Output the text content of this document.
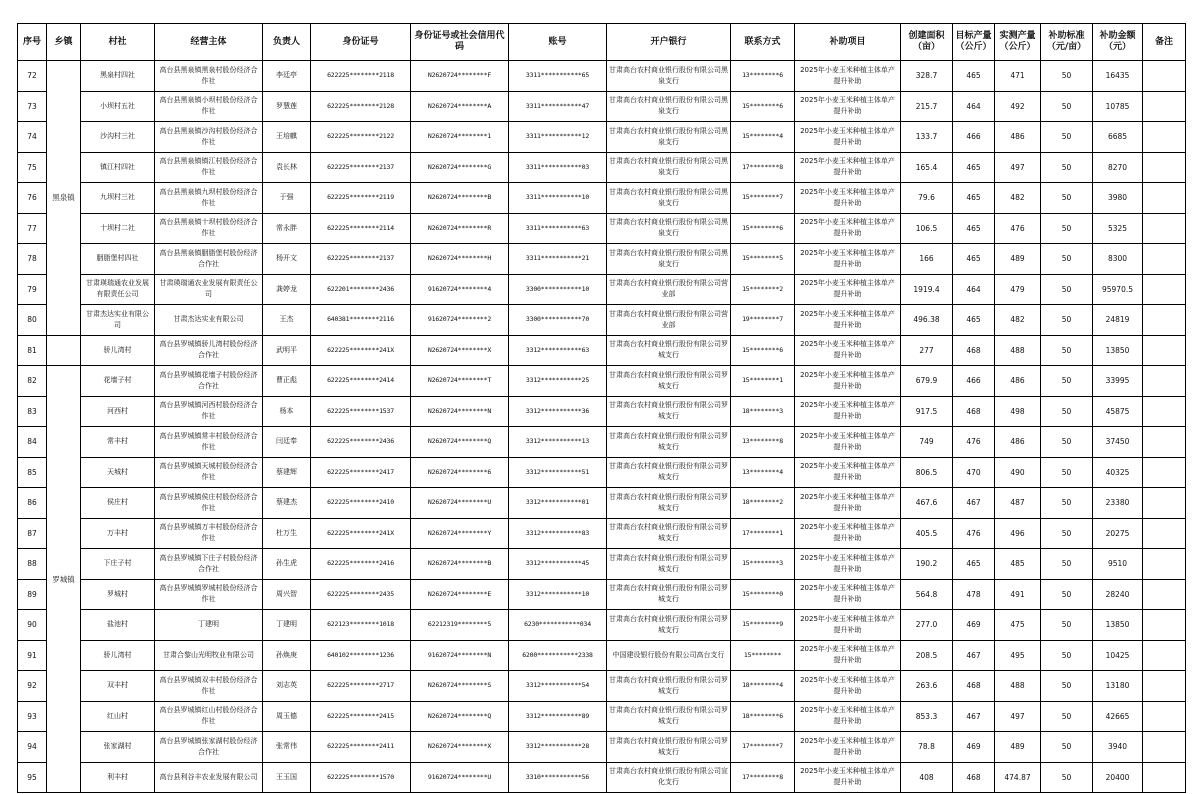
序号	乡镇	村社	经营主体	负责人	身份证号	身份证号或社会信用代码	账号	开户银行	联系方式	补助项目	创建面积（亩）	目标产量（公斤）	实测产量（公斤）	补助标准（元/亩）	补助金额（元）	备注
72	黑泉镇	黑泉村四社	高台县黑泉镇黑泉村股份经济合作社	李廷亭	622225********2118	N2620724********F	3311***********65	甘肃高台农村商业银行股份有限公司黑泉支行	13********6	2025年小麦玉米种植主体单产提升补助	328.7	465	471	50	16435	
73		小坝村五社	高台县黑泉镇小坝村股份经济合作社	罗慧莲	622225********2128	N2620724********A	3311***********47	甘肃高台农村商业银行股份有限公司黑泉支行	15********6	2025年小麦玉米种植主体单产提升补助	215.7	464	492	50	10785	
74		沙沟村三社	高台县黑泉镇沙沟村股份经济合作社	王培麒	622225********2122	N2620724********1	3311***********12	甘肃高台农村商业银行股份有限公司黑泉支行	15********4	2025年小麦玉米种植主体单产提升补助	133.7	466	486	50	6685	
75		镇江村四社	高台县黑泉镇镇江村股份经济合作社	袁长林	622225********2137	N2620724********G	3311***********03	甘肃高台农村商业银行股份有限公司黑泉支行	17********8	2025年小麦玉米种植主体单产提升补助	165.4	465	497	50	8270	
76		九坝村三社	高台县黑泉镇九坝村股份经济合作社	于强	622225********2119	N2620724********B	3311***********10	甘肃高台农村商业银行股份有限公司黑泉支行	15********7	2025年小麦玉米种植主体单产提升补助	79.6	465	482	50	3980	
77		十坝村二社	高台县黑泉镇十坝村股份经济合作社	常永胖	622225********2114	N2620724********R	3311***********63	甘肃高台农村商业银行股份有限公司黑泉支行	15********6	2025年小麦玉米种植主体单产提升补助	106.5	465	476	50	5325	
78		胭脂堡村四社	高台县黑泉镇胭脂堡村股份经济合作社	杨开文	622225********2137	N2620724********H	3311***********21	甘肃高台农村商业银行股份有限公司黑泉支行	15********5	2025年小麦玉米种植主体单产提升补助	166	465	489	50	8300	
79		甘肃瑛瑞通农业发展有限责任公司	甘肃瑛瑞通农业发展有限责任公司	龚婷龙	622201********2436	91620724********4	3300***********10	甘肃高台农村商业银行股份有限公司营业部	15********2	2025年小麦玉米种植主体单产提升补助	1919.4	464	479	50	95970.5	
80		甘肃杰达实业有限公司	甘肃杰达实业有限公司	王杰	640381********2116	91620724********2	3300***********70	甘肃高台农村商业银行股份有限公司营业部	19********7	2025年小麦玉米种植主体单产提升补助	496.38	465	482	50	24819	
81		骄儿湾村	高台县罗城镇骄儿湾村股份经济合作社	武明平	622225********241X	N2620724********X	3312***********63	甘肃高台农村商业银行股份有限公司罗城支行	15********6	2025年小麦玉米种植主体单产提升补助	277	468	488	50	13850	
82	罗城镇	花墙子村	高台县罗城镇花墙子村股份经济合作社	曹正彪	622225********2414	N2620724********T	3312***********25	甘肃高台农村商业银行股份有限公司罗城支行	15********1	2025年小麦玉米种植主体单产提升补助	679.9	466	486	50	33995	
83		河西村	高台县罗城镇河西村股份经济合作社	杨本	622225********1537	N2620724********N	3312***********36	甘肃高台农村商业银行股份有限公司罗城支行	18********3	2025年小麦玉米种植主体单产提升补助	917.5	468	498	50	45875	
84		常丰村	高台县罗城镇常丰村股份经济合作社	闫廷奉	622225********2436	N2620724********Q	3312***********13	甘肃高台农村商业银行股份有限公司罗城支行	13********8	2025年小麦玉米种植主体单产提升补助	749	476	486	50	37450	
85		天城村	高台县罗城镇天城村股份经济合作社	蔡建辉	622225********2417	N2620724********6	3312***********51	甘肃高台农村商业银行股份有限公司罗城支行	13********4	2025年小麦玉米种植主体单产提升补助	806.5	470	490	50	40325	
86		侯庄村	高台县罗城镇侯庄村股份经济合作社	蔡建杰	622225********2410	N2620724********U	3312***********01	甘肃高台农村商业银行股份有限公司罗城支行	18********2	2025年小麦玉米种植主体单产提升补助	467.6	467	487	50	23380	
87		万丰村	高台县罗城镇万丰村股份经济合作社	杜万生	622225********241X	N2620724********Y	3312***********83	甘肃高台农村商业银行股份有限公司罗城支行	17********1	2025年小麦玉米种植主体单产提升补助	405.5	476	496	50	20275	
88		下庄子村	高台县罗城镇下庄子村股份经济合作社	孙生虎	622225********2416	N2620724********B	3312***********45	甘肃高台农村商业银行股份有限公司罗城支行	15********3	2025年小麦玉米种植主体单产提升补助	190.2	465	485	50	9510	
89		罗城村	高台县罗城镇罗城村股份经济合作社	周兴智	622225********2435	N2620724********E	3312***********10	甘肃高台农村商业银行股份有限公司罗城支行	15********0	2025年小麦玉米种植主体单产提升补助	564.8	478	491	50	28240	
90		盐池村	丁建明	丁建明	622123********1018	62212319********5	6230***********034	甘肃高台农村商业银行股份有限公司罗城支行	15********9	2025年小麦玉米种植主体单产提升补助	277.0	469	475	50	13850	
91		骄儿湾村	甘肃合黎山光明牧业有限公司	孙焕庚	640102********1236	91620724********N	6200***********2338	中国建设银行股份有限公司高台支行	15********	2025年小麦玉米种植主体单产提升补助	208.5	467	495	50	10425	
92		双丰村	高台县罗城镇双丰村股份经济合作社	刘志英	622225********2717	N2620724********S	3312***********54	甘肃高台农村商业银行股份有限公司罗城支行	18********4	2025年小麦玉米种植主体单产提升补助	263.6	468	488	50	13180	
93		红山村	高台县罗城镇红山村股份经济合作社	周玉德	622225********2415	N2620724********Q	3312***********89	甘肃高台农村商业银行股份有限公司罗城支行	18********6	2025年小麦玉米种植主体单产提升补助	853.3	467	497	50	42665	
94		张家湖村	高台县罗城镇张家湖村股份经济合作社	张常伟	622225********2411	N2620724********X	3312***********28	甘肃高台农村商业银行股份有限公司罗城支行	17********7	2025年小麦玉米种植主体单产提升补助	78.8	469	489	50	3940	
95		利丰村	高台县利谷丰农业发展有限公司	王玉国	622225********1570	91620724********U	3310***********56	甘肃高台农村商业银行股份有限公司宣化支行	17********8	2025年小麦玉米种植主体单产提升补助	408	468	474.87	50	20400	
